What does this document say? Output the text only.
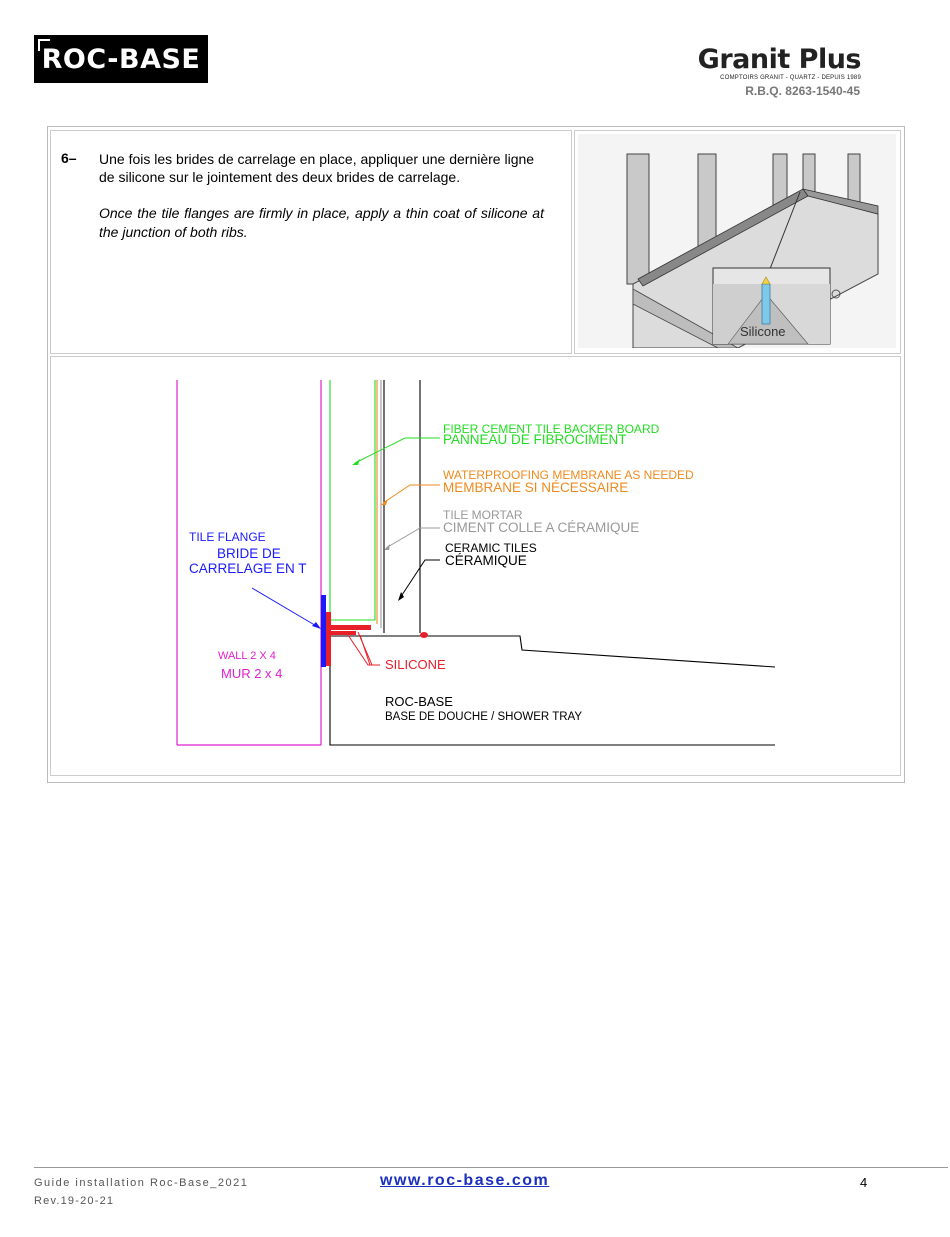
ROC-BASE	Granit Plus
COMPTOIRS GRANIT - QUARTZ - DEPUIS 1989
R.B.Q. 8263-1540-45
6– Une fois les brides de carrelage en place, appliquer une dernière ligne de silicone sur le jointement des deux brides de carrelage.
Once the tile flanges are firmly in place, apply a thin coat of silicone at the junction of both ribs.
Silicone
FIBER CEMENT TILE BACKER BOARD
PANNEAU DE FIBROCIMENT
WATERPROOFING MEMBRANE AS NEEDED
MEMBRANE SI NÉCESSAIRE
TILE MORTAR
CIMENT COLLE A CÉRAMIQUE
CERAMIC TILES
CÉRAMIQUE
TILE FLANGE
BRIDE DE
CARRELAGE EN T
WALL 2 X 4
MUR 2 x 4
SILICONE
ROC-BASE
BASE DE DOUCHE / SHOWER TRAY
Guide installation Roc-Base_2021
Rev.19-20-21
www.roc-base.com	4
